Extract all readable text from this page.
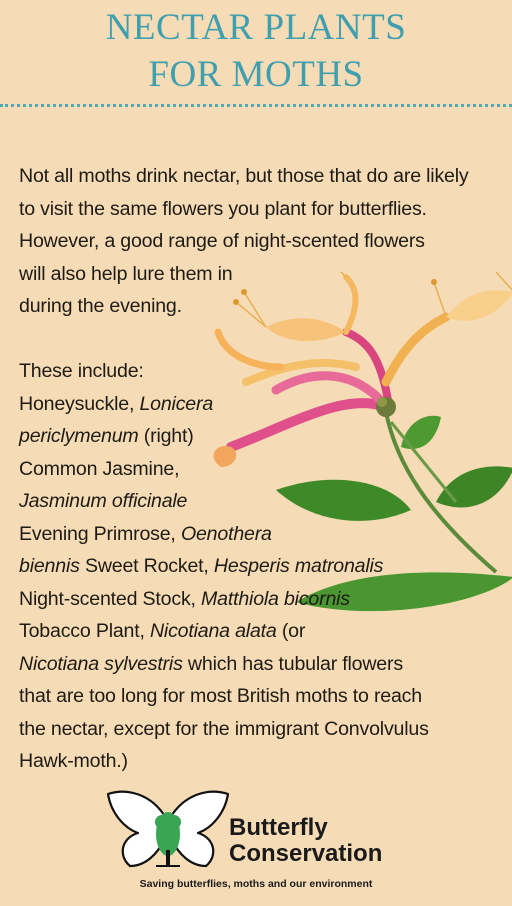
NECTAR PLANTS
FOR MOTHS
Not all moths drink nectar, but those that do are likely
to visit the same flowers you plant for butterflies.
However, a good range of night-scented flowers
will also help lure them in
during the evening.
These include:
Honeysuckle, Lonicera
periclymenum (right)
Common Jasmine,
Jasminum officinale
Evening Primrose, Oenothera
biennis Sweet Rocket, Hesperis matronalis
Night-scented Stock, Matthiola bicornis
Tobacco Plant, Nicotiana alata (or
Nicotiana sylvestris which has tubular flowers
that are too long for most British moths to reach
the nectar, except for the immigrant Convolvulus
Hawk-moth.)
Butterfly
Conservation
Saving butterflies, moths and our environment
